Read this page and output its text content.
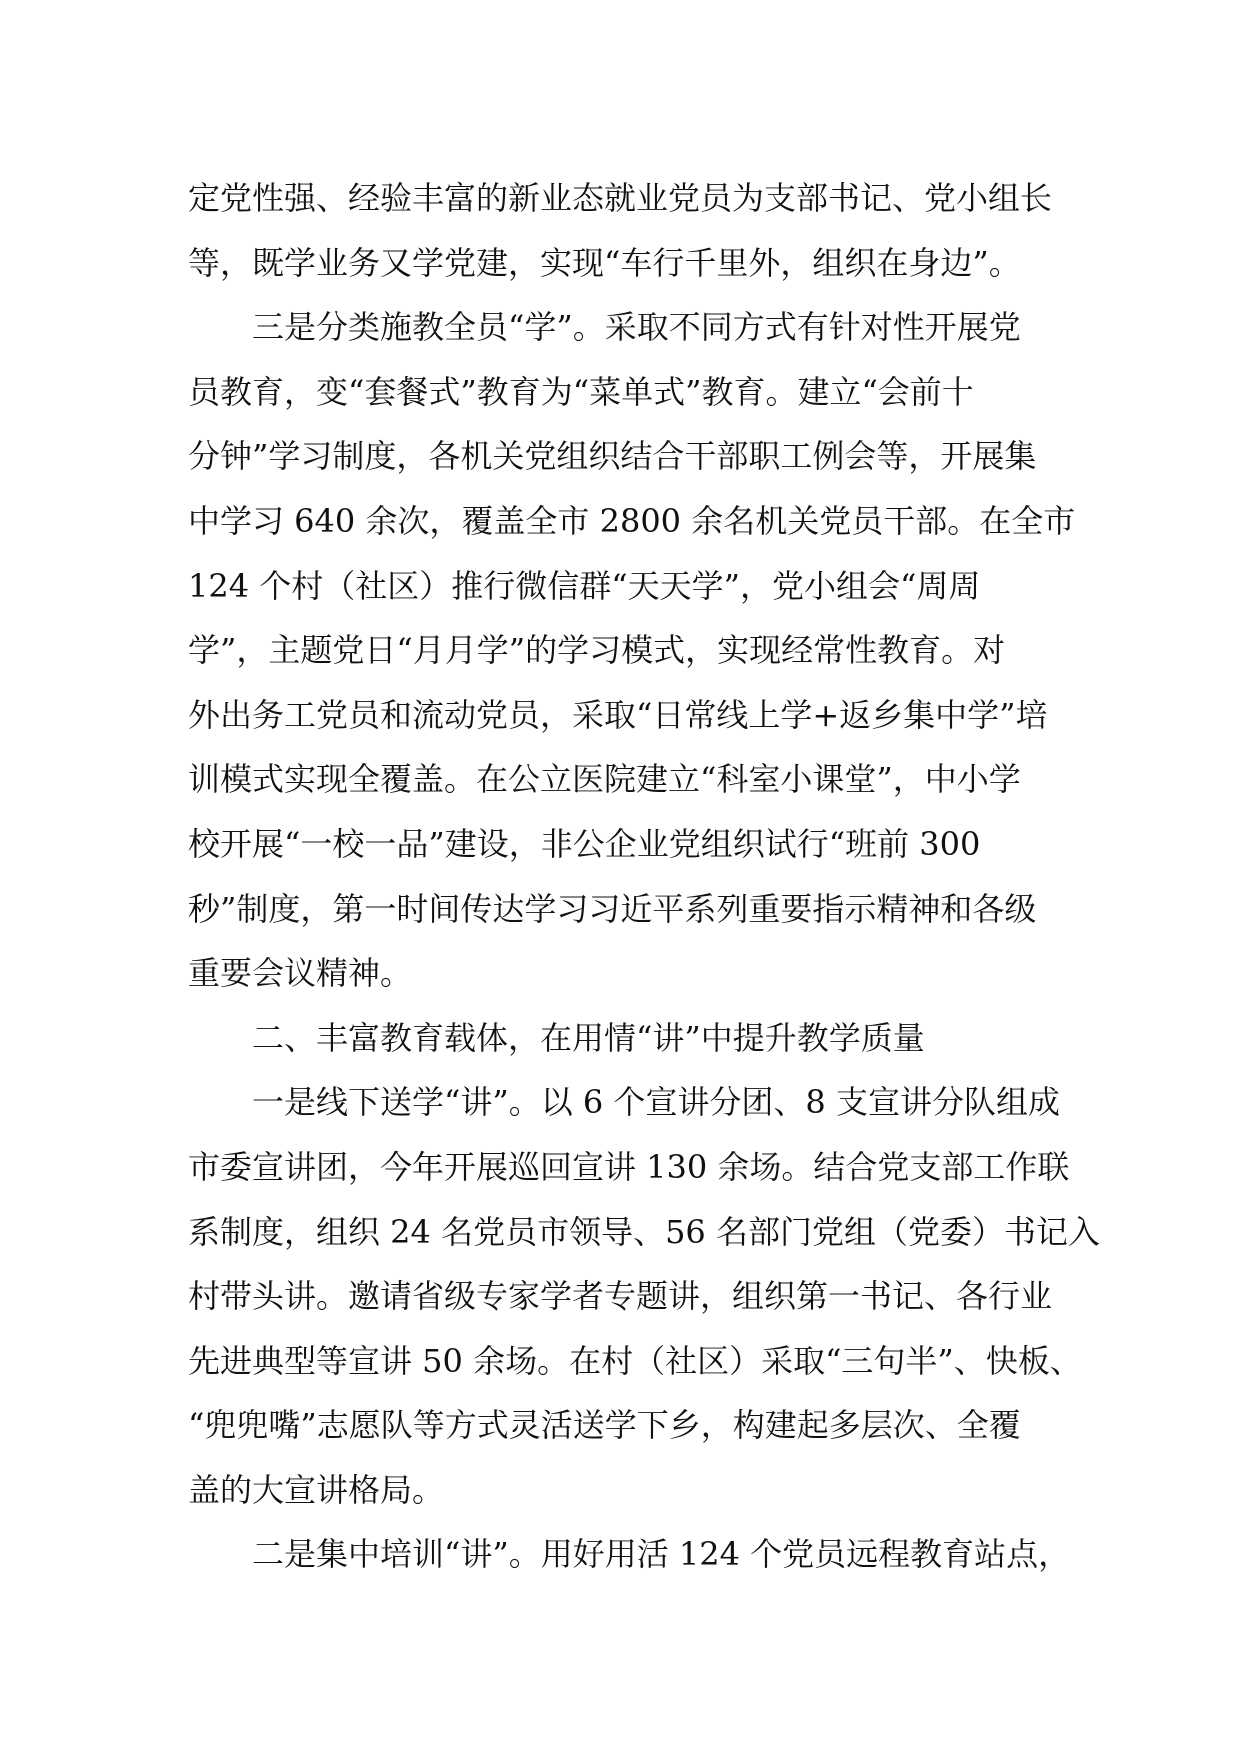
定党性强、经验丰富的新业态就业党员为支部书记、党小组长
等，既学业务又学党建，实现“车行千里外，组织在身边”。
三是分类施教全员“学”。采取不同方式有针对性开展党
员教育，变“套餐式”教育为“菜单式”教育。建立“会前十
分钟”学习制度，各机关党组织结合干部职工例会等，开展集
中学习 640 余次，覆盖全市 2800 余名机关党员干部。在全市
124 个村（社区）推行微信群“天天学”，党小组会“周周
学”，主题党日“月月学”的学习模式，实现经常性教育。对
外出务工党员和流动党员，采取“日常线上学+返乡集中学”培
训模式实现全覆盖。在公立医院建立“科室小课堂”，中小学
校开展“一校一品”建设，非公企业党组织试行“班前 300
秒”制度，第一时间传达学习习近平系列重要指示精神和各级
重要会议精神。
二、丰富教育载体，在用情“讲”中提升教学质量
一是线下送学“讲”。以 6 个宣讲分团、8 支宣讲分队组成
市委宣讲团，今年开展巡回宣讲 130 余场。结合党支部工作联
系制度，组织 24 名党员市领导、56 名部门党组（党委）书记入
村带头讲。邀请省级专家学者专题讲，组织第一书记、各行业
先进典型等宣讲 50 余场。在村（社区）采取“三句半”、快板、
“兜兜嘴”志愿队等方式灵活送学下乡，构建起多层次、全覆
盖的大宣讲格局。
二是集中培训“讲”。用好用活 124 个党员远程教育站点，
